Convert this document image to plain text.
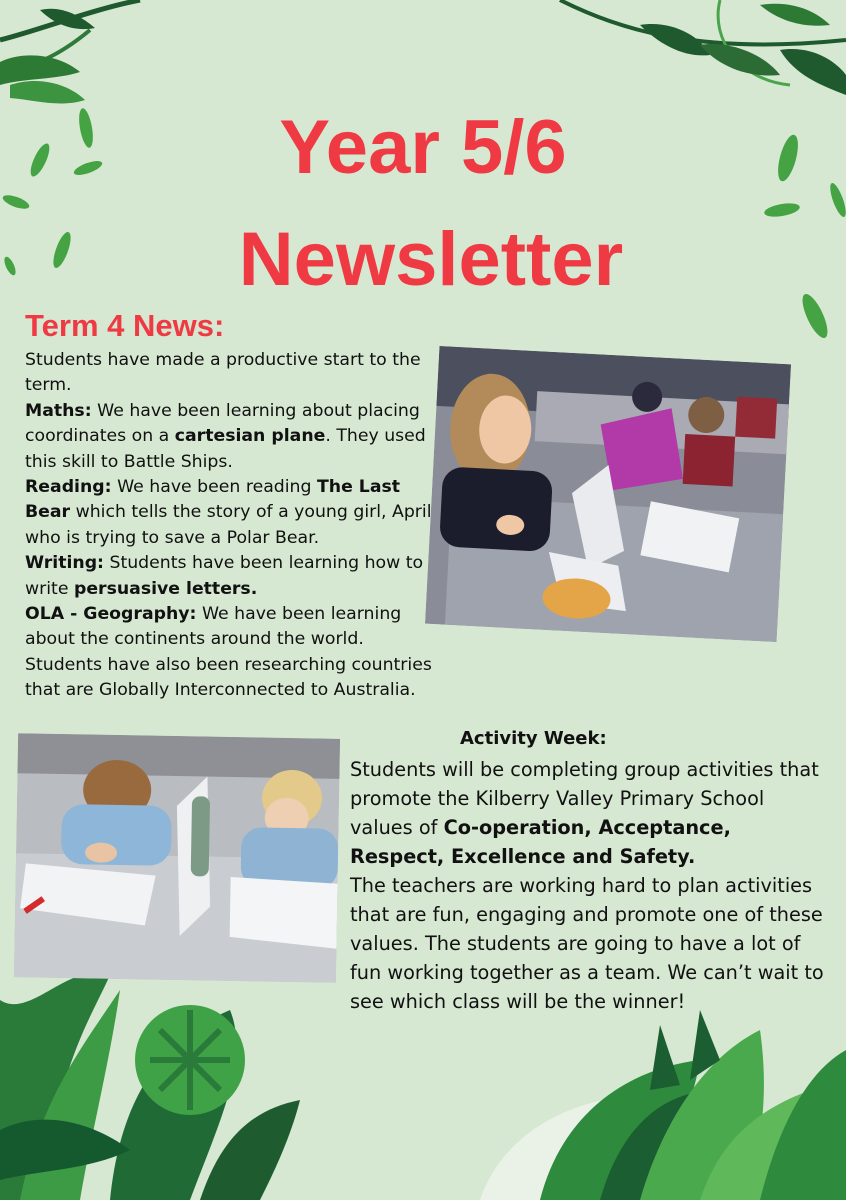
Year 5/6
Newsletter
Term 4 News:

Students have made a productive start to the term.

Maths: We have been learning about placing coordinates on a cartesian plane. They used this skill to Battle Ships.

Reading: We have been reading The Last Bear which tells the story of a young girl, April who is trying to save a Polar Bear.

Writing: Students have been learning how to write persuasive letters.

OLA - Geography: We have been learning about the continents around the world. Students have also been researching countries that are Globally Interconnected to Australia.

Activity Week:

Students will be completing group activities that promote the Kilberry Valley Primary School values of Co-operation, Acceptance, Respect, Excellence and Safety.

The teachers are working hard to plan activities that are fun, engaging and promote one of these values. The students are going to have a lot of fun working together as a team. We can’t wait to see which class will be the winner!
